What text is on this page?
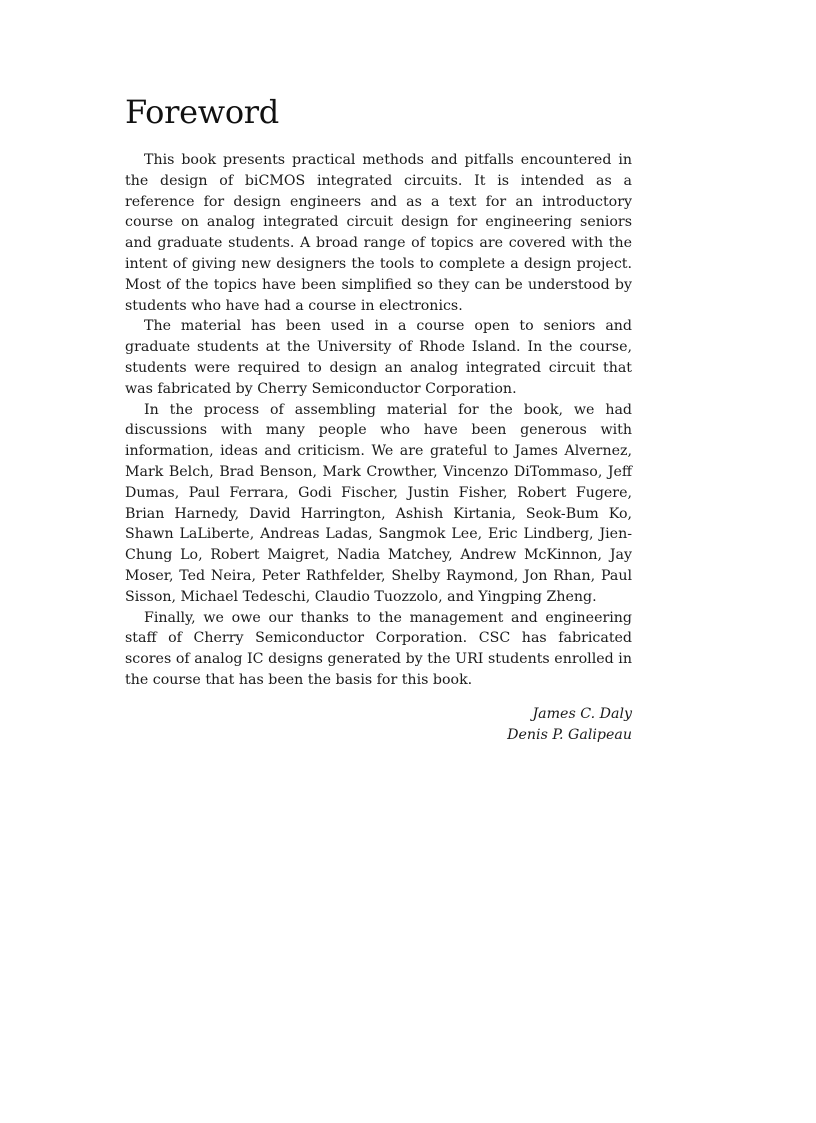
Foreword

This book presents practical methods and pitfalls encountered in the design of biCMOS integrated circuits. It is intended as a reference for design engineers and as a text for an introductory course on analog integrated circuit design for engineering seniors and graduate students. A broad range of topics are covered with the intent of giving new designers the tools to complete a design project. Most of the topics have been simplified so they can be understood by students who have had a course in electronics.

The material has been used in a course open to seniors and graduate students at the University of Rhode Island. In the course, students were required to design an analog integrated circuit that was fabricated by Cherry Semiconductor Corporation.

In the process of assembling material for the book, we had discussions with many people who have been generous with information, ideas and criticism. We are grateful to James Alvernez, Mark Belch, Brad Benson, Mark Crowther, Vincenzo DiTommaso, Jeff Dumas, Paul Ferrara, Godi Fischer, Justin Fisher, Robert Fugere, Brian Harnedy, David Harrington, Ashish Kirtania, Seok-Bum Ko, Shawn LaLiberte, Andreas Ladas, Sangmok Lee, Eric Lindberg, Jien-Chung Lo, Robert Maigret, Nadia Matchey, Andrew McKinnon, Jay Moser, Ted Neira, Peter Rathfelder, Shelby Raymond, Jon Rhan, Paul Sisson, Michael Tedeschi, Claudio Tuozzolo, and Yingping Zheng.

Finally, we owe our thanks to the management and engineering staff of Cherry Semiconductor Corporation. CSC has fabricated scores of analog IC designs generated by the URI students enrolled in the course that has been the basis for this book.

James C. Daly
Denis P. Galipeau
